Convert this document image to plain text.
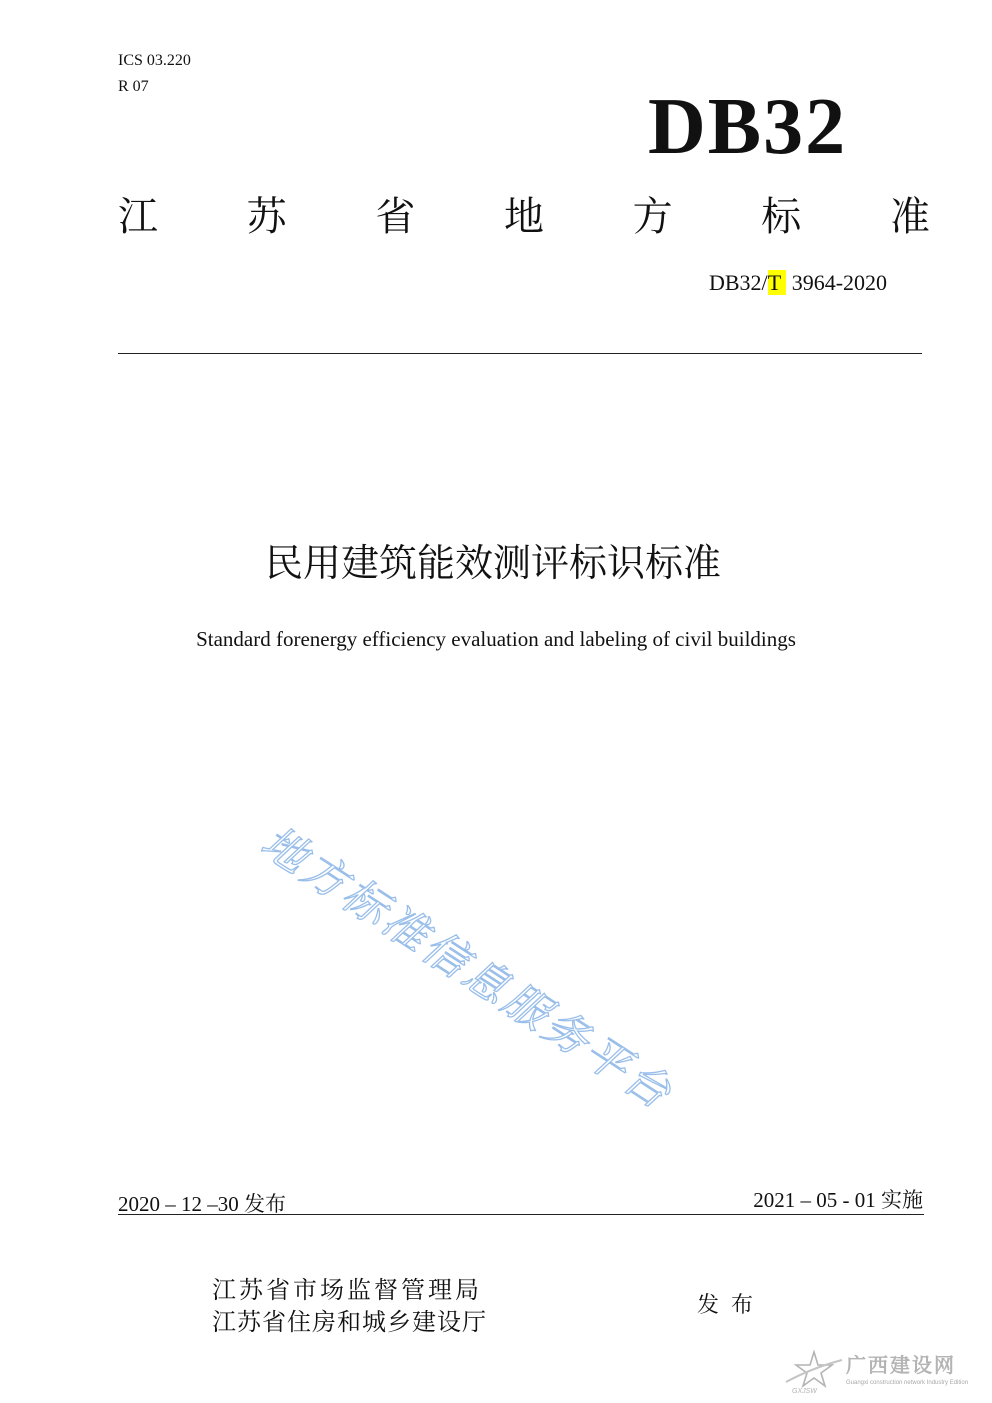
ICS 03.220
R 07	DB32
江 苏 省 地 方 标 准
DB32/T  3964-2020
民用建筑能效测评标识标准
Standard forenergy efficiency evaluation and labeling of civil buildings
地方标准信息服务平台
2020 – 12 –30 发布	2021 – 05 - 01 实施
江苏省市场监督管理局
江苏省住房和城乡建设厅
发布
GXJSW
广西建设网
Guangxi construction network Industry Edition
